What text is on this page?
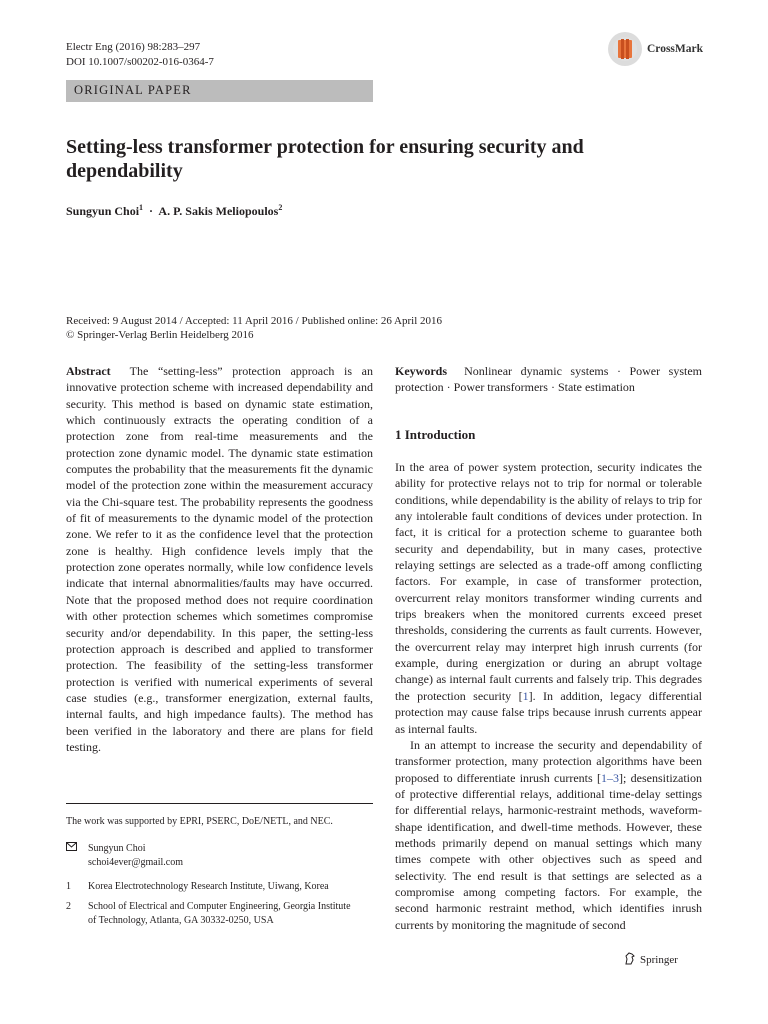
Electr Eng (2016) 98:283–297
DOI 10.1007/s00202-016-0364-7
CrossMark
ORIGINAL PAPER
Setting-less transformer protection for ensuring security and dependability
Sungyun Choi$^1$ · A. P. Sakis Meliopoulos$^2$
Received: 9 August 2014 / Accepted: 11 April 2016 / Published online: 26 April 2016
© Springer-Verlag Berlin Heidelberg 2016
Abstract The “setting-less” protection approach is an innovative protection scheme with increased dependability and security. This method is based on dynamic state estimation, which continuously extracts the operating condition of a protection zone from real-time measurements and the protection zone dynamic model. The dynamic state estimation computes the probability that the measurements fit the dynamic model of the protection zone within the measurement accuracy via the Chi-square test. The probability represents the goodness of fit of measurements to the dynamic model of the protection zone. We refer to it as the confidence level that the protection zone is healthy. High confidence levels imply that the protection zone operates normally, while low confidence levels indicate that internal abnormalities/faults may have occurred. Note that the proposed method does not require coordination with other protection schemes which sometimes compromise security and/or dependability. In this paper, the setting-less protection approach is described and applied to transformer protection. The feasibility of the setting-less transformer protection is verified with numerical experiments of several case studies (e.g., transformer energization, external faults, internal faults, and high impedance faults). The method has been verified in the laboratory and there are plans for field testing.
Keywords Nonlinear dynamic systems · Power system protection · Power transformers · State estimation
1 Introduction
In the area of power system protection, security indicates the ability for protective relays not to trip for normal or tolerable conditions, while dependability is the ability of relays to trip for any intolerable fault conditions of devices under protection. In fact, it is critical for a protection scheme to guarantee both security and dependability, but in many cases, protective relaying settings are selected as a trade-off among conflicting factors. For example, in case of transformer protection, overcurrent relay monitors transformer winding currents and trips breakers when the monitored currents exceed preset thresholds, considering the currents as fault currents. However, the overcurrent relay may interpret high inrush currents (for example, during energization or during an abrupt voltage change) as internal fault currents and falsely trip. This degrades the protection security [1]. In addition, legacy differential protection may cause false trips because inrush currents appear as internal faults.
In an attempt to increase the security and dependability of transformer protection, many protection algorithms have been proposed to differentiate inrush currents [1–3]; desensitization of protective differential relays, additional time-delay settings for differential relays, harmonic-restraint methods, waveform-shape identification, and dwell-time methods. However, these methods primarily depend on manual settings which many times compete with other objectives such as speed and selectivity. The end result is that settings are selected as a compromise among competing factors. For example, the second harmonic restraint method, which identifies inrush currents by monitoring the magnitude of second
The work was supported by EPRI, PSERC, DoE/NETL, and NEC.
Sungyun Choi
schoi4ever@gmail.com
1	Korea Electrotechnology Research Institute, Uiwang, Korea
2	School of Electrical and Computer Engineering, Georgia Institute of Technology, Atlanta, GA 30332-0250, USA
Springer
